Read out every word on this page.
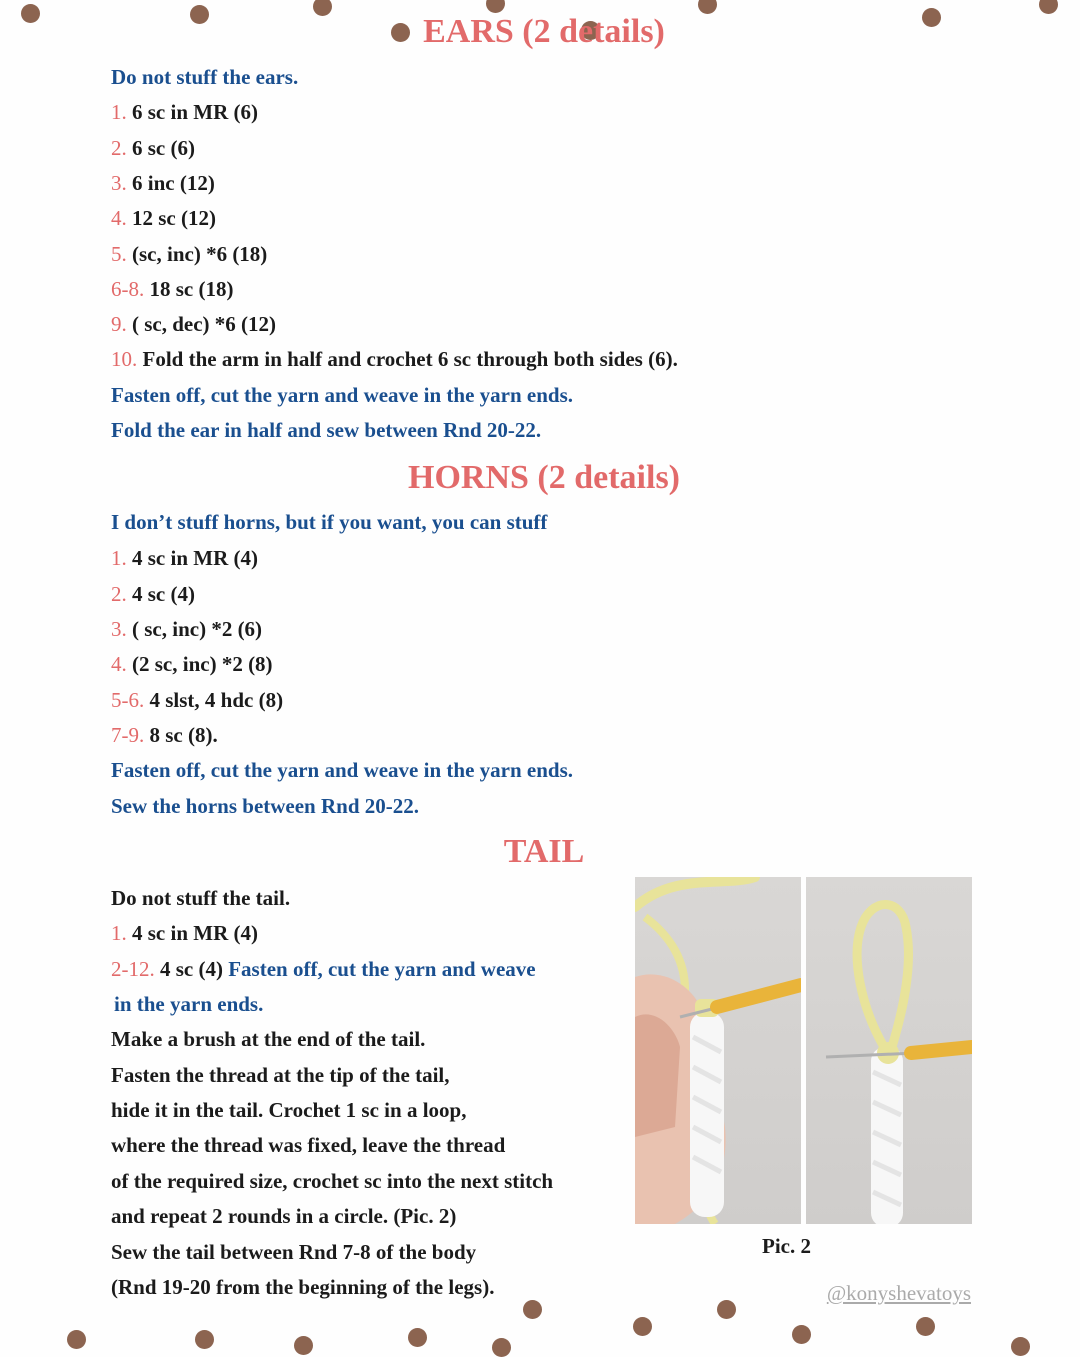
EARS (2 details)
Do not stuff the ears.
1. 6 sc in MR (6)
2. 6 sc (6)
3. 6 inc (12)
4. 12 sc (12)
5. (sc, inc) *6 (18)
6-8. 18 sc (18)
9. ( sc, dec) *6 (12)
10. Fold the arm in half and crochet 6 sc through both sides (6).
Fasten off, cut the yarn and weave in the yarn ends.
Fold the ear in half and sew between Rnd 20-22.
HORNS (2 details)
I don’t stuff horns, but if you want, you can stuff
1. 4 sc in MR (4)
2. 4 sc (4)
3. ( sc, inc) *2 (6)
4. (2 sc, inc) *2 (8)
5-6. 4 slst, 4 hdc (8)
7-9. 8 sc (8).
Fasten off, cut the yarn and weave in the yarn ends.
Sew the horns between Rnd 20-22.
TAIL
Do not stuff the tail.
1. 4 sc in MR (4)
2-12. 4 sc (4) Fasten off, cut the yarn and weave
in the yarn ends.
Make a brush at the end of the tail.
Fasten the thread at the tip of the tail,
hide it in the tail. Crochet 1 sc in a loop,
where the thread was fixed, leave the thread
of the required size, crochet sc into the next stitch
and repeat 2 rounds in a circle. (Pic. 2)
Sew the tail between Rnd 7-8 of the body
(Rnd 19-20 from the beginning of the legs).
Pic. 2
@konyshevatoys
